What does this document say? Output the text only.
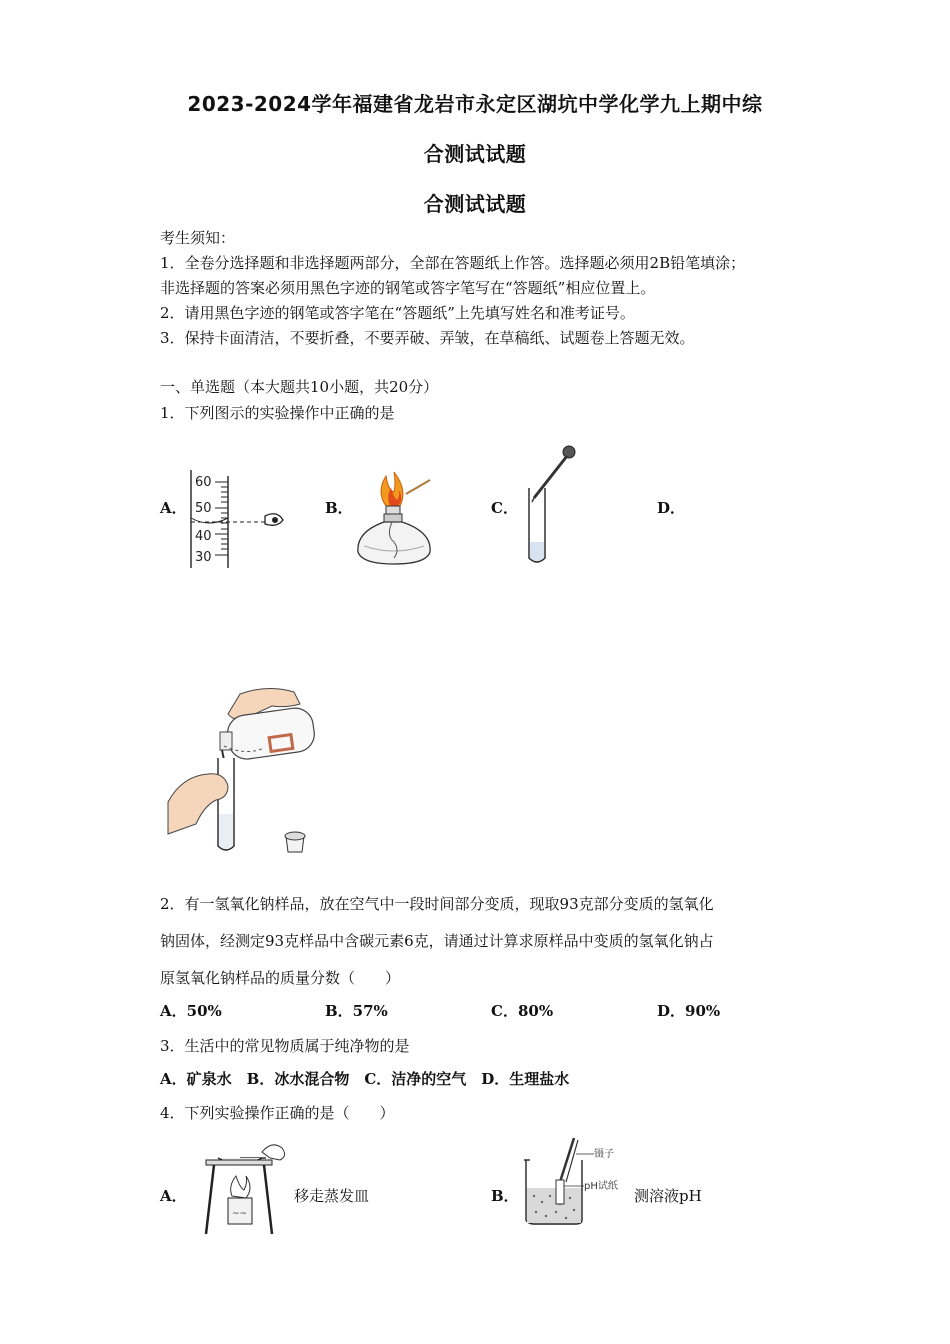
2023-2024学年福建省龙岩市永定区湖坑中学化学九上期中综
合测试试题
合测试试题
考生须知：
1．全卷分选择题和非选择题两部分，全部在答题纸上作答。选择题必须用2B铅笔填涂；
非选择题的答案必须用黑色字迹的钢笔或答字笔写在“答题纸”相应位置上。
2．请用黑色字迹的钢笔或答字笔在“答题纸”上先填写姓名和准考证号。
3．保持卡面清洁，不要折叠，不要弄破、弄皱，在草稿纸、试题卷上答题无效。
一、单选题（本大题共10小题，共20分）
1．下列图示的实验操作中正确的是
A．	B．	C．	D．
60
50
40
30
2．有一氢氧化钠样品，放在空气中一段时间部分变质，现取93克部分变质的氢氧化
钠固体，经测定93克样品中含碳元素6克，请通过计算求原样品中变质的氢氧化钠占
原氢氧化钠样品的质量分数（　　）
A．50%	B．57%	C．80%	D．90%
3．生活中的常见物质属于纯净物的是
A．矿泉水　B．冰水混合物　C．洁净的空气　D．生理盐水
4．下列实验操作正确的是（　　）
A．
~~
移走蒸发皿	B．
镊子
pH试纸
测溶液pH
